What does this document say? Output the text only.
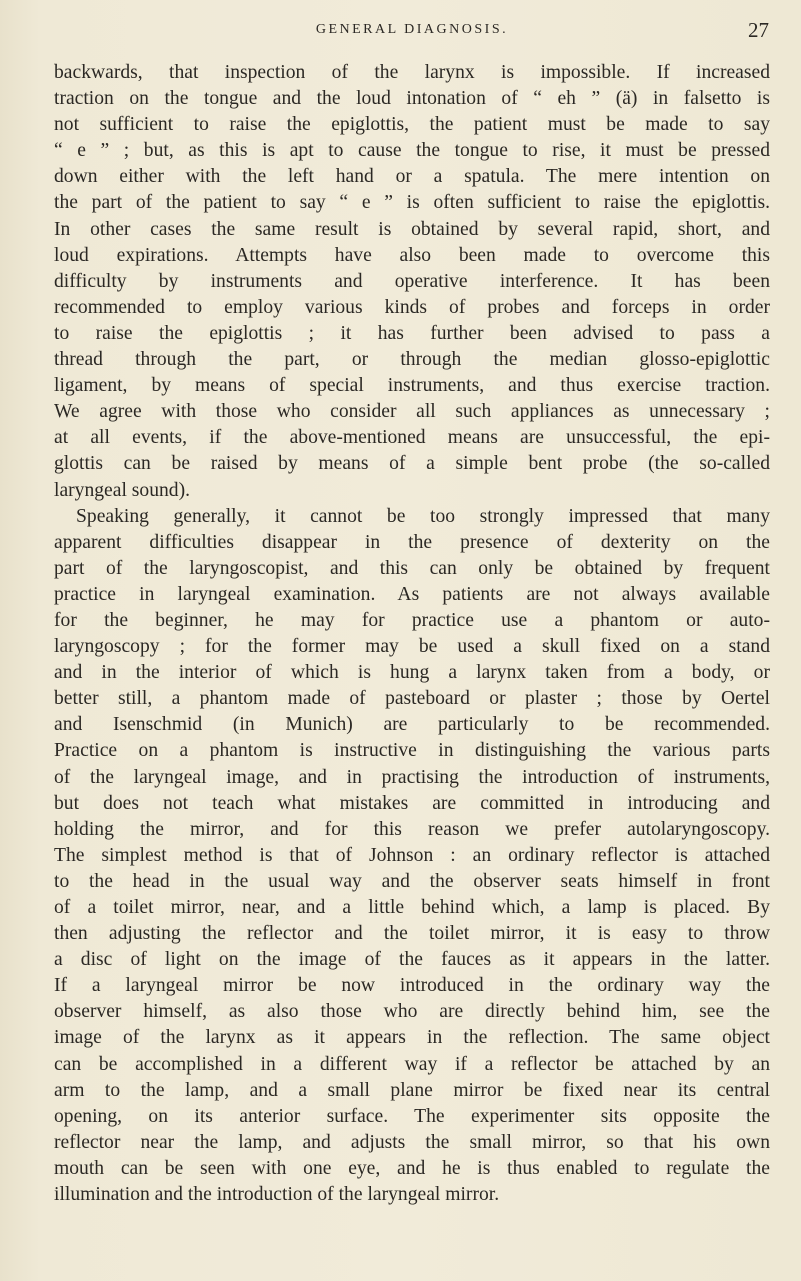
GENERAL DIAGNOSIS.	27
backwards, that inspection of the larynx is impossible. If increased
traction on the tongue and the loud intonation of “ eh ” (ä) in falsetto is
not sufficient to raise the epiglottis, the patient must be made to say
“ e ” ; but, as this is apt to cause the tongue to rise, it must be pressed
down either with the left hand or a spatula. The mere intention on
the part of the patient to say “ e ” is often sufficient to raise the epiglottis.
In other cases the same result is obtained by several rapid, short, and
loud expirations. Attempts have also been made to overcome this
difficulty by instruments and operative interference. It has been
recommended to employ various kinds of probes and forceps in order
to raise the epiglottis ; it has further been advised to pass a
thread through the part, or through the median glosso-epiglottic
ligament, by means of special instruments, and thus exercise traction.
We agree with those who consider all such appliances as unnecessary ;
at all events, if the above-mentioned means are unsuccessful, the epi-
glottis can be raised by means of a simple bent probe (the so-called
laryngeal sound).
Speaking generally, it cannot be too strongly impressed that many
apparent difficulties disappear in the presence of dexterity on the
part of the laryngoscopist, and this can only be obtained by frequent
practice in laryngeal examination. As patients are not always available
for the beginner, he may for practice use a phantom or auto-
laryngoscopy ; for the former may be used a skull fixed on a stand
and in the interior of which is hung a larynx taken from a body, or
better still, a phantom made of pasteboard or plaster ; those by Oertel
and Isenschmid (in Munich) are particularly to be recommended.
Practice on a phantom is instructive in distinguishing the various parts
of the laryngeal image, and in practising the introduction of instruments,
but does not teach what mistakes are committed in introducing and
holding the mirror, and for this reason we prefer autolaryngoscopy.
The simplest method is that of Johnson : an ordinary reflector is attached
to the head in the usual way and the observer seats himself in front
of a toilet mirror, near, and a little behind which, a lamp is placed. By
then adjusting the reflector and the toilet mirror, it is easy to throw
a disc of light on the image of the fauces as it appears in the latter.
If a laryngeal mirror be now introduced in the ordinary way the
observer himself, as also those who are directly behind him, see the
image of the larynx as it appears in the reflection. The same object
can be accomplished in a different way if a reflector be attached by an
arm to the lamp, and a small plane mirror be fixed near its central
opening, on its anterior surface. The experimenter sits opposite the
reflector near the lamp, and adjusts the small mirror, so that his own
mouth can be seen with one eye, and he is thus enabled to regulate the
illumination and the introduction of the laryngeal mirror.
